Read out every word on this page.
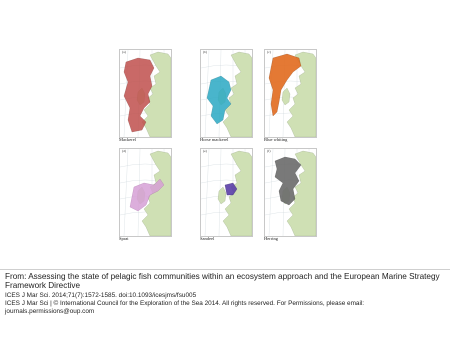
(a)
Mackerel
(b)
Horse mackerel
(c)
Blue whiting
(d)
Sprat
(e)
Sandeel
(f)
Herring
From: Assessing the state of pelagic fish communities within an ecosystem approach and the European Marine Strategy Framework Directive
ICES J Mar Sci. 2014;71(7):1572-1585. doi:10.1093/icesjms/fsu005
ICES J Mar Sci | © International Council for the Exploration of the Sea 2014. All rights reserved. For Permissions, please email: journals.permissions@oup.com
